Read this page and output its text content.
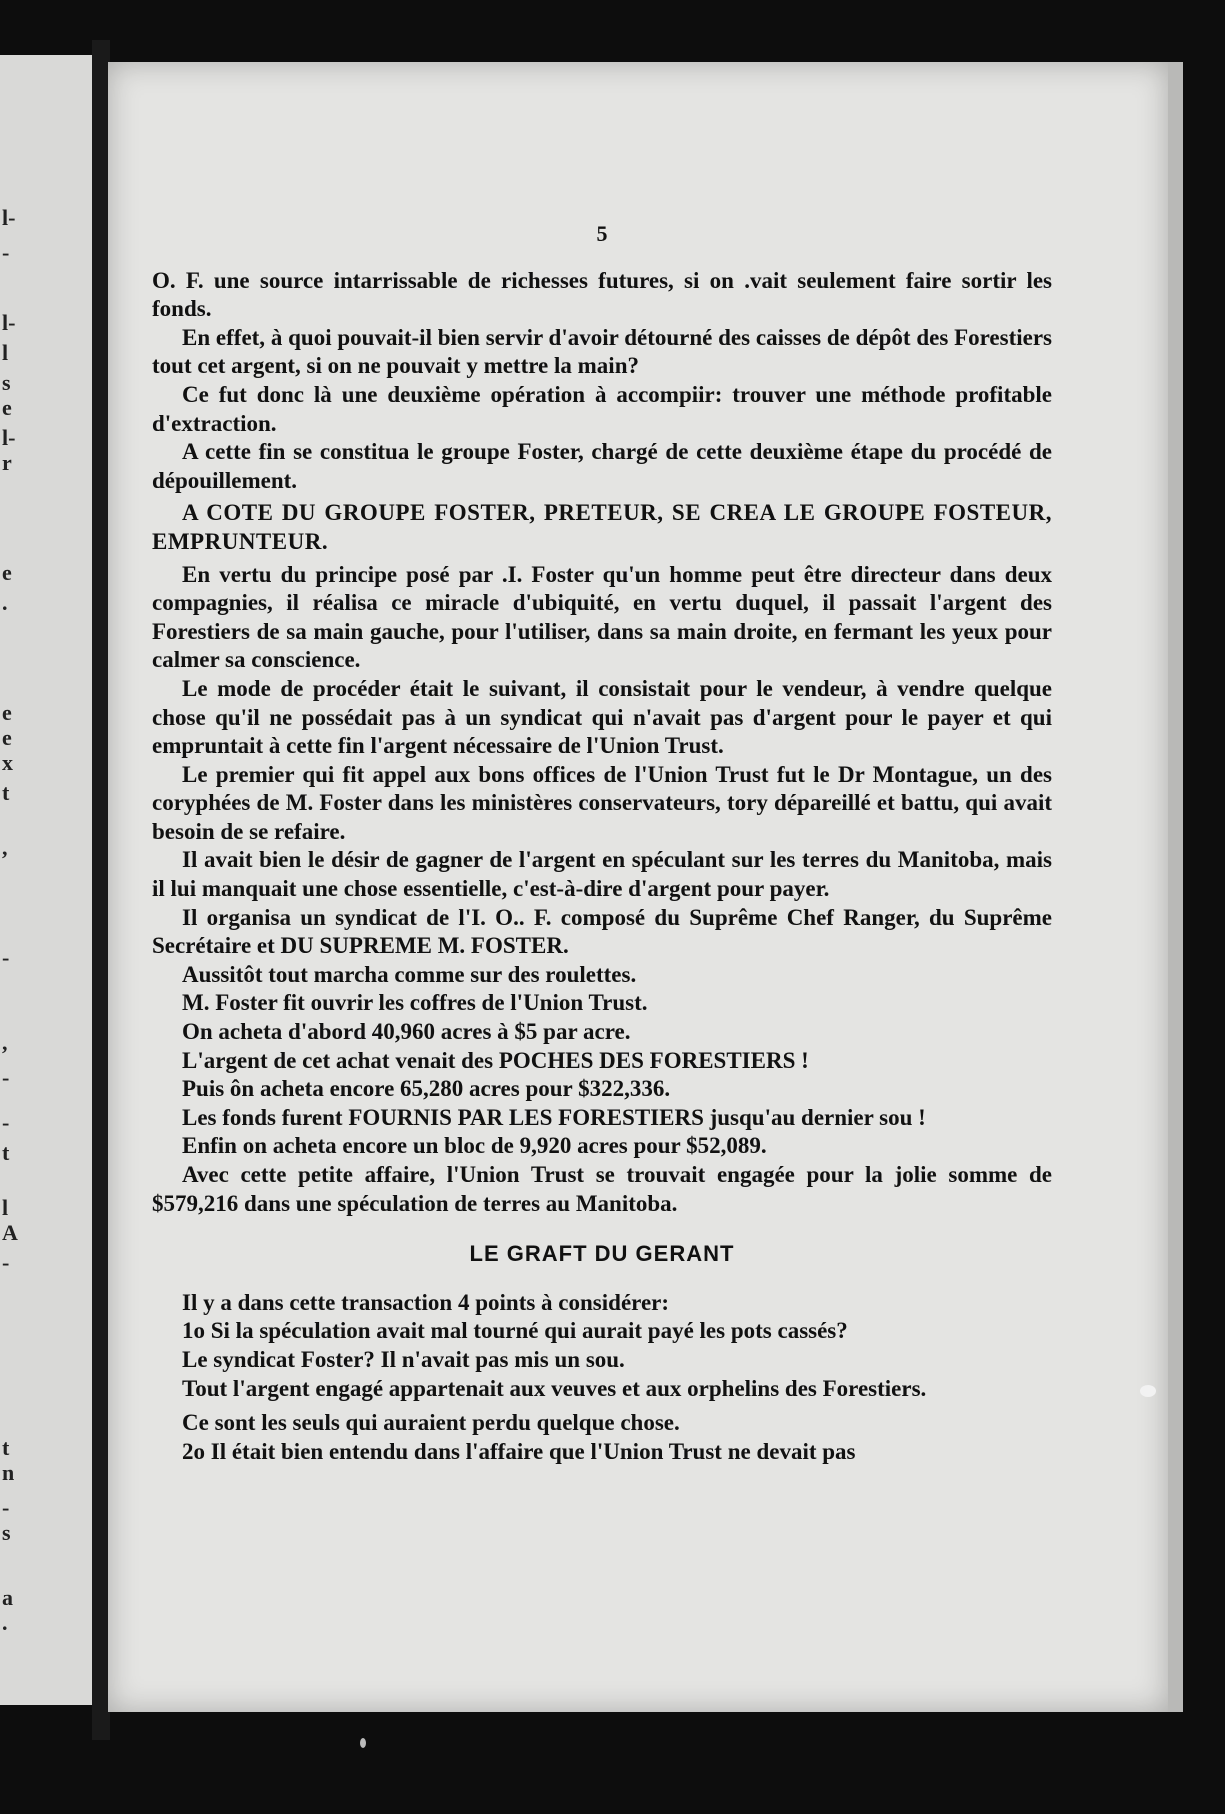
l-
-
l-
l
s
e
l-
r
e
.
e
e
x
t
,
-
,
-
-
t
l
A
-
t
n
-
s
a
.
5

O. F. une source intarrissable de richesses futures, si on .vait seulement faire sortir les fonds.

En effet, à quoi pouvait-il bien servir d'avoir détourné des caisses de dépôt des Forestiers tout cet argent, si on ne pouvait y mettre la main?

Ce fut donc là une deuxième opération à accompiir: trouver une méthode profitable d'extraction.

A cette fin se constitua le groupe Foster, chargé de cette deuxième étape du procédé de dépouillement.

A COTE DU GROUPE FOSTER, PRETEUR, SE CREA LE GROUPE FOSTEUR, EMPRUNTEUR.

En vertu du principe posé par .I. Foster qu'un homme peut être directeur dans deux compagnies, il réalisa ce miracle d'ubiquité, en vertu duquel, il passait l'argent des Forestiers de sa main gauche, pour l'utiliser, dans sa main droite, en fermant les yeux pour calmer sa conscience.

Le mode de procéder était le suivant, il consistait pour le vendeur, à vendre quelque chose qu'il ne possédait pas à un syndicat qui n'avait pas d'argent pour le payer et qui empruntait à cette fin l'argent nécessaire de l'Union Trust.

Le premier qui fit appel aux bons offices de l'Union Trust fut le Dr Montague, un des coryphées de M. Foster dans les ministères conservateurs, tory dépareillé et battu, qui avait besoin de se refaire.

Il avait bien le désir de gagner de l'argent en spéculant sur les terres du Manitoba, mais il lui manquait une chose essentielle, c'est-à-dire d'argent pour payer.

Il organisa un syndicat de l'I. O.. F. composé du Suprême Chef Ranger, du Suprême Secrétaire et DU SUPREME M. FOSTER.

Aussitôt tout marcha comme sur des roulettes.

M. Foster fit ouvrir les coffres de l'Union Trust.

On acheta d'abord 40,960 acres à $5 par acre.

L'argent de cet achat venait des POCHES DES FORESTIERS !

Puis ôn acheta encore 65,280 acres pour $322,336.

Les fonds furent FOURNIS PAR LES FORESTIERS jusqu'au dernier sou !

Enfin on acheta encore un bloc de 9,920 acres pour $52,089.

Avec cette petite affaire, l'Union Trust se trouvait engagée pour la jolie somme de $579,216 dans une spéculation de terres au Manitoba.

LE GRAFT DU GERANT

Il y a dans cette transaction 4 points à considérer:

1o Si la spéculation avait mal tourné qui aurait payé les pots cassés?

Le syndicat Foster? Il n'avait pas mis un sou.

Tout l'argent engagé appartenait aux veuves et aux orphelins des Forestiers.

Ce sont les seuls qui auraient perdu quelque chose.

2o Il était bien entendu dans l'affaire que l'Union Trust ne devait pas
